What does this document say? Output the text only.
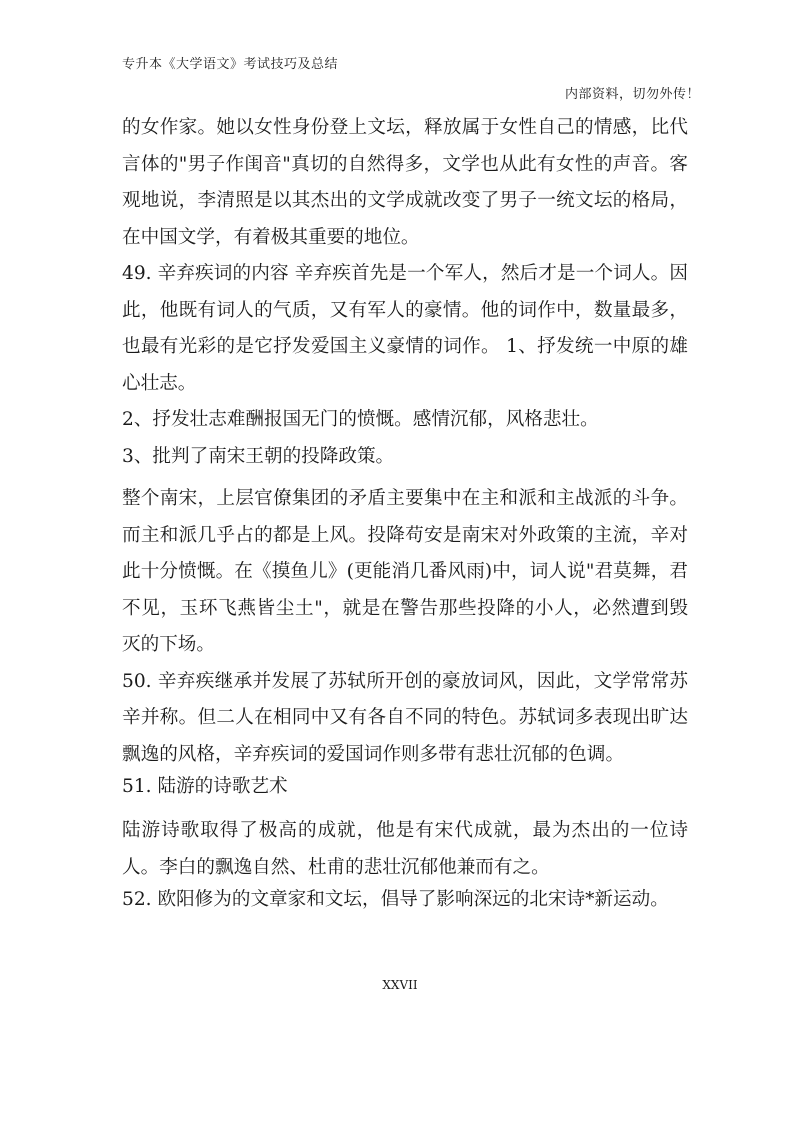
专升本《大学语文》考试技巧及总结
内部资料，切勿外传！

的女作家。她以女性身份登上文坛，释放属于女性自己的情感，比代言体的"男子作闺音"真切的自然得多，文学也从此有女性的声音。客观地说，李清照是以其杰出的文学成就改变了男子一统文坛的格局，在中国文学，有着极其重要的地位。

49. 辛弃疾词的内容 辛弃疾首先是一个军人，然后才是一个词人。因此，他既有词人的气质，又有军人的豪情。他的词作中，数量最多，也最有光彩的是它抒发爱国主义豪情的词作。 1、抒发统一中原的雄心壮志。

2、抒发壮志难酬报国无门的愤慨。感情沉郁，风格悲壮。

3、批判了南宋王朝的投降政策。

整个南宋，上层官僚集团的矛盾主要集中在主和派和主战派的斗争。而主和派几乎占的都是上风。投降苟安是南宋对外政策的主流，辛对此十分愤慨。在《摸鱼儿》(更能消几番风雨)中，词人说"君莫舞，君不见，玉环飞燕皆尘土"，就是在警告那些投降的小人，必然遭到毁灭的下场。

50. 辛弃疾继承并发展了苏轼所开创的豪放词风，因此，文学常常苏辛并称。但二人在相同中又有各自不同的特色。苏轼词多表现出旷达飘逸的风格，辛弃疾词的爱国词作则多带有悲壮沉郁的色调。

51. 陆游的诗歌艺术

陆游诗歌取得了极高的成就，他是有宋代成就，最为杰出的一位诗人。李白的飘逸自然、杜甫的悲壮沉郁他兼而有之。

52. 欧阳修为的文章家和文坛，倡导了影响深远的北宋诗*新运动。

XXVII
